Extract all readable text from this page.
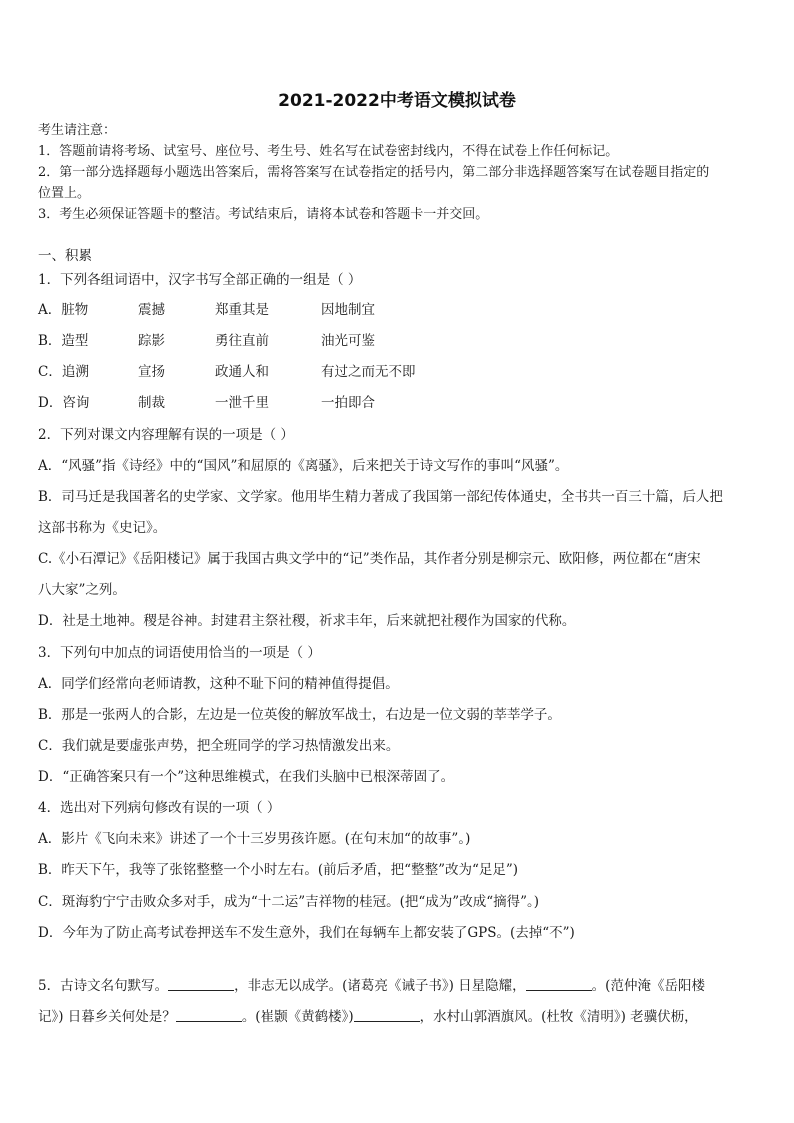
2021-2022中考语文模拟试卷
考生请注意：
1．答题前请将考场、试室号、座位号、考生号、姓名写在试卷密封线内，不得在试卷上作任何标记。
2．第一部分选择题每小题选出答案后，需将答案写在试卷指定的括号内，第二部分非选择题答案写在试卷题目指定的
位置上。
3．考生必须保证答题卡的整洁。考试结束后，请将本试卷和答题卡一并交回。
一、积累
1．下列各组词语中，汉字书写全部正确的一组是（ ）
A．脏物	震撼	郑重其是	因地制宜
B．造型	踪影	勇往直前	油光可鉴
C．追溯	宣扬	政通人和	有过之而无不即
D．咨询	制裁	一泄千里	一拍即合
2．下列对课文内容理解有误的一项是（ ）
A．“风骚”指《诗经》中的“国风”和屈原的《离骚》，后来把关于诗文写作的事叫“风骚”。
B．司马迁是我国著名的史学家、文学家。他用毕生精力著成了我国第一部纪传体通史，全书共一百三十篇，后人把
这部书称为《史记》。
C.《小石潭记》《岳阳楼记》属于我国古典文学中的“记”类作品，其作者分别是柳宗元、欧阳修，两位都在“唐宋
八大家”之列。
D．社是土地神。稷是谷神。封建君主祭社稷，祈求丰年，后来就把社稷作为国家的代称。
3．下列句中加点的词语使用恰当的一项是（ ）
A．同学们经常向老师请教，这种不耻下问的精神值得提倡。
B．那是一张两人的合影，左边是一位英俊的解放军战士，右边是一位文弱的莘莘学子。
C．我们就是要虚张声势，把全班同学的学习热情激发出来。
D．“正确答案只有一个”这种思维模式，在我们头脑中已根深蒂固了。
4．选出对下列病句修改有误的一项（ ）
A．影片《飞向未来》讲述了一个十三岁男孩许愿。(在句末加“的故事”。)
B．昨天下午，我等了张铭整整一个小时左右。(前后矛盾，把“整整”改为“足足”)
C．斑海豹宁宁击败众多对手，成为“十二运”吉祥物的桂冠。(把“成为”改成“摘得”。)
D．今年为了防止高考试卷押送车不发生意外，我们在每辆车上都安装了GPS。(去掉“不”)
5．古诗文名句默写。	，非志无以成学。(诸葛亮《诫子书》) 日星隐耀，	。(范仲淹《岳阳楼
记》) 日暮乡关何处是？	。(崔颢《黄鹤楼》)	，水村山郭酒旗风。(杜牧《清明》) 老骥伏枥，
